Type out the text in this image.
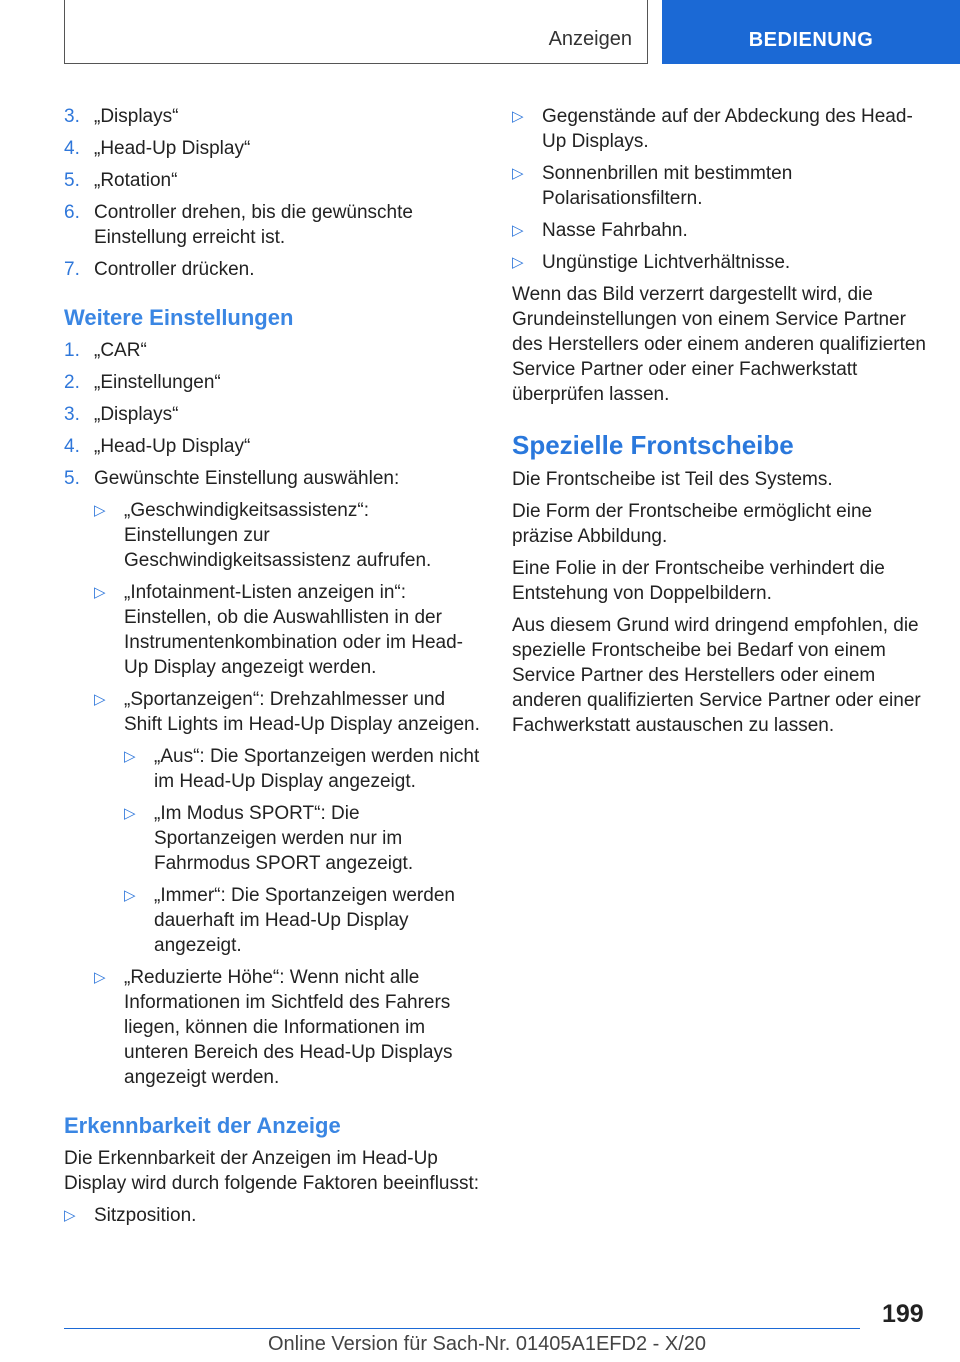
Anzeigen	BEDIENUNG
3. „Displays“
4. „Head-Up Display“
5. „Rotation“
6. Controller drehen, bis die gewünschte Einstellung erreicht ist.
7. Controller drücken.
Weitere Einstellungen
1. „CAR“
2. „Einstellungen“
3. „Displays“
4. „Head-Up Display“
5. Gewünschte Einstellung auswählen:
▷ „Geschwindigkeitsassistenz“: Einstellungen zur Geschwindigkeitsassistenz aufrufen.
▷ „Infotainment-Listen anzeigen in“: Einstellen, ob die Auswahllisten in der Instrumentenkombination oder im Head-Up Display angezeigt werden.
▷ „Sportanzeigen“: Drehzahlmesser und Shift Lights im Head-Up Display anzeigen.
▷ „Aus“: Die Sportanzeigen werden nicht im Head-Up Display angezeigt.
▷ „Im Modus SPORT“: Die Sportanzeigen werden nur im Fahrmodus SPORT angezeigt.
▷ „Immer“: Die Sportanzeigen werden dauerhaft im Head-Up Display angezeigt.
▷ „Reduzierte Höhe“: Wenn nicht alle Informationen im Sichtfeld des Fahrers liegen, können die Informationen im unteren Bereich des Head-Up Displays angezeigt werden.
Erkennbarkeit der Anzeige

Die Erkennbarkeit der Anzeigen im Head-Up Display wird durch folgende Faktoren beeinflusst:

▷ Sitzposition.
▷ Gegenstände auf der Abdeckung des Head-Up Displays.
▷ Sonnenbrillen mit bestimmten Polarisationsfiltern.
▷ Nasse Fahrbahn.
▷ Ungünstige Lichtverhältnisse.

Wenn das Bild verzerrt dargestellt wird, die Grundeinstellungen von einem Service Partner des Herstellers oder einem anderen qualifizierten Service Partner oder einer Fachwerkstatt überprüfen lassen.

Spezielle Frontscheibe

Die Frontscheibe ist Teil des Systems.

Die Form der Frontscheibe ermöglicht eine präzise Abbildung.

Eine Folie in der Frontscheibe verhindert die Entstehung von Doppelbildern.

Aus diesem Grund wird dringend empfohlen, die spezielle Frontscheibe bei Bedarf von einem Service Partner des Herstellers oder einem anderen qualifizierten Service Partner oder einer Fachwerkstatt austauschen zu lassen.

199
Online Version für Sach-Nr. 01405A1EFD2 - X/20
